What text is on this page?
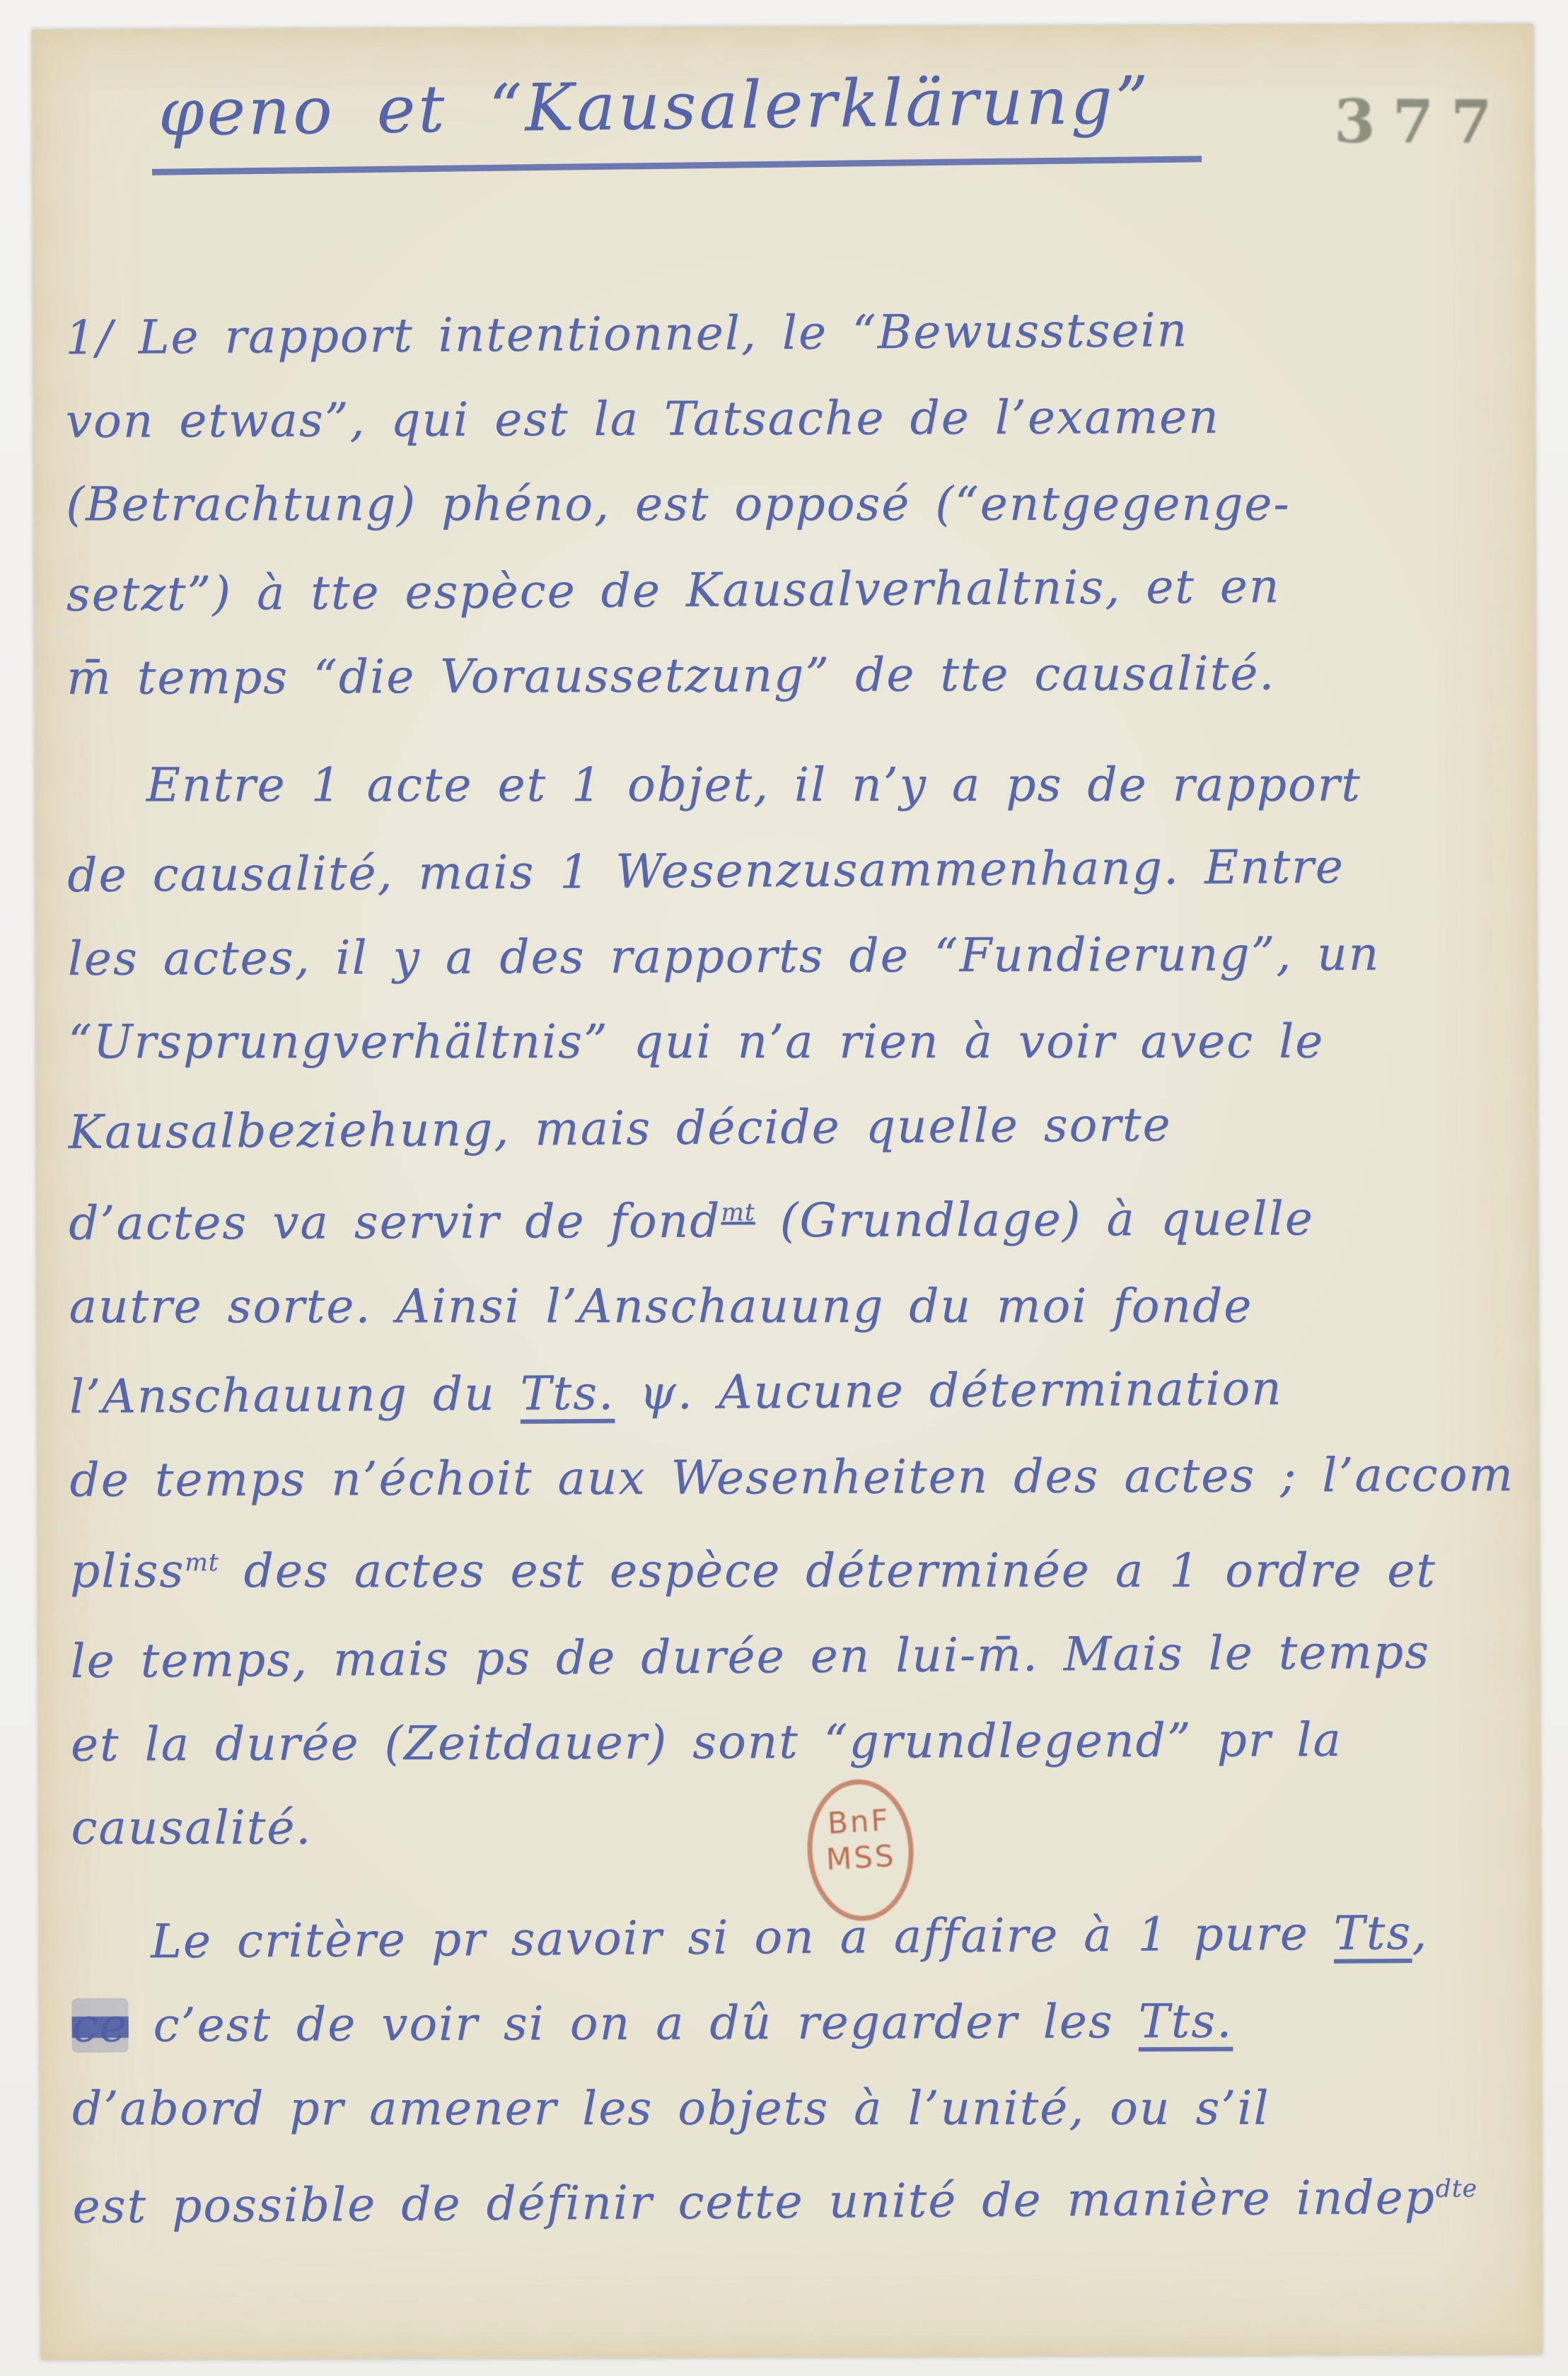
φeno et “Kausalerklärung”	377
BnF
MSS
1/ Le rapport intentionnel, le “Bewusstsein
von etwas”, qui est la Tatsache de l’examen
(Betrachtung) phéno, est opposé (“entgegenge-
setzt”) à tte espèce de Kausalverhaltnis, et en
m̄ temps “die Voraussetzung” de tte causalité.
Entre 1 acte et 1 objet, il n’y a ps de rapport
de causalité, mais 1 Wesenzusammenhang. Entre
les actes, il y a des rapports de “Fundierung”, un
“Ursprungverhältnis” qui n’a rien à voir avec le
Kausalbeziehung, mais décide quelle sorte
d’actes va servir de fond$^{mt}$ (Grundlage) à quelle
autre sorte. Ainsi l’Anschauung du moi fonde
l’Anschauung du Tts. ψ. Aucune détermination
de temps n’échoit aux Wesenheiten des actes ; l’accom
pliss$^{mt}$ des actes est espèce déterminée a 1 ordre et
le temps, mais ps de durée en lui-m̄. Mais le temps
et la durée (Zeitdauer) sont “grundlegend” pr la
causalité.
Le critère pr savoir si on a affaire à 1 pure Tts,
ce c’est de voir si on a dû regarder les Tts.
d’abord pr amener les objets à l’unité, ou s’il
est possible de définir cette unité de manière indep$^{dte}$
